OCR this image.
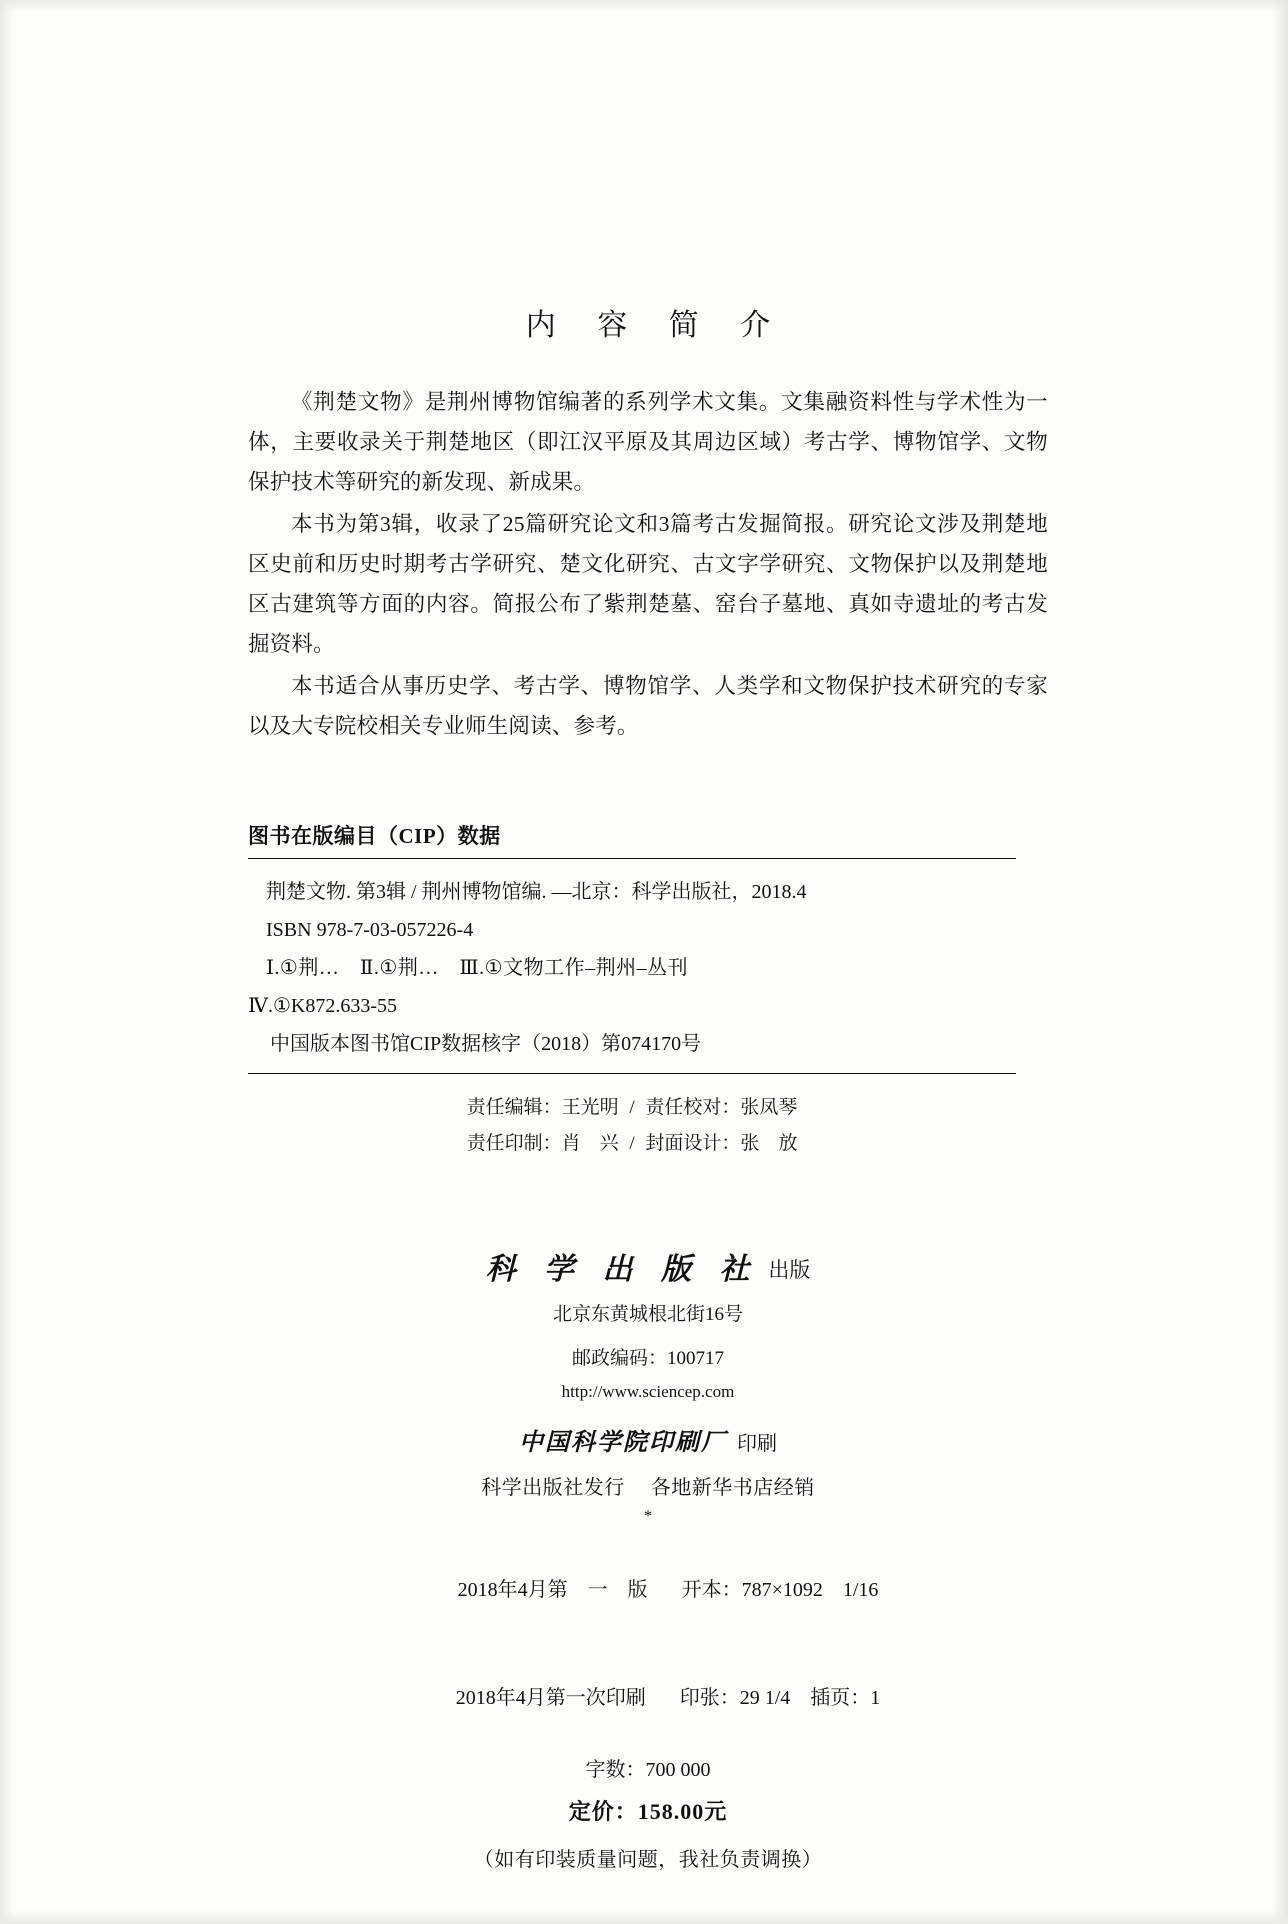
内 容 简 介

《荆楚文物》是荆州博物馆编著的系列学术文集。文集融资料性与学术性为一体，主要收录关于荆楚地区（即江汉平原及其周边区域）考古学、博物馆学、文物保护技术等研究的新发现、新成果。

本书为第3辑，收录了25篇研究论文和3篇考古发掘简报。研究论文涉及荆楚地区史前和历史时期考古学研究、楚文化研究、古文字学研究、文物保护以及荆楚地区古建筑等方面的内容。简报公布了紫荆楚墓、窑台子墓地、真如寺遗址的考古发掘资料。

本书适合从事历史学、考古学、博物馆学、人类学和文物保护技术研究的专家以及大专院校相关专业师生阅读、参考。

图书在版编目（CIP）数据
荆楚文物. 第3辑 / 荆州博物馆编. —北京：科学出版社，2018.4
ISBN 978-7-03-057226-4
Ⅰ.①荆…　Ⅱ.①荆…　Ⅲ.①文物工作–荆州–丛刊
Ⅳ.①K872.633-55
中国版本图书馆CIP数据核字（2018）第074170号
责任编辑：王光明 / 责任校对：张凤琴
责任印制：肖　兴 / 封面设计：张　放
科 学 出 版 社 出版
北京东黄城根北街16号
邮政编码：100717
http://www.sciencep.com
中国科学院印刷厂 印刷
科学出版社发行 各地新华书店经销
*

2018年4月第　一　版 开本：787×1092　1/16

2018年4月第一次印刷 印张：29 1/4　插页：1

字数：700 000
定价：158.00元
（如有印装质量问题，我社负责调换）
